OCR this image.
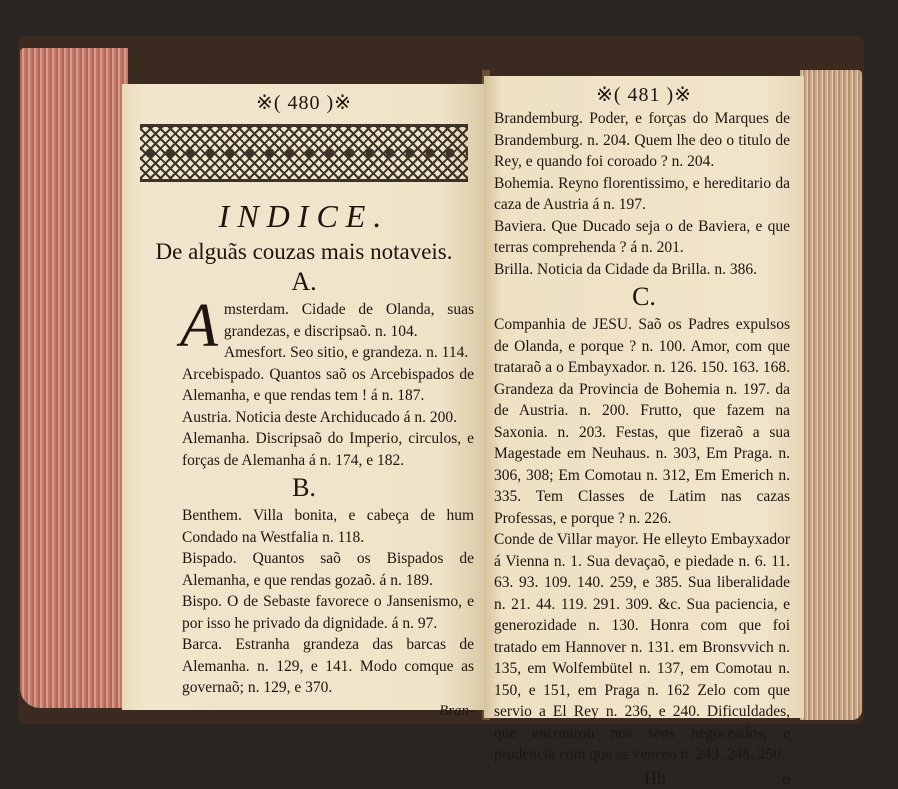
※( 480 )※
INDICE.
De alguãs couzas mais notaveis.
A.
A msterdam. Cidade de Olanda, suas grandezas, e discripsaõ. n. 104.
Amesfort. Seo sitio, e grandeza. n. 114.
Arcebispado. Quantos saõ os Arcebispados de Alemanha, e que rendas tem ! á n. 187.
Austria. Noticia deste Archiducado á n. 200.
Alemanha. Discripsaõ do Imperio, circulos, e forças de Alemanha á n. 174, e 182.
B.
Benthem. Villa bonita, e cabeça de hum Condado na Westfalia n. 118.
Bispado. Quantos saõ os Bispados de Alemanha, e que rendas gozaõ. á n. 189.
Bispo. O de Sebaste favorece o Jansenismo, e por isso he privado da dignidade. á n. 97.
Barca. Estranha grandeza das barcas de Alemanha. n. 129, e 141. Modo comque as governaõ; n. 129, e 370.
Bran-
※( 481 )※
Brandemburg. Poder, e forças do Marques de Brandemburg. n. 204. Quem lhe deo o titulo de Rey, e quando foi coroado ? n. 204.
Bohemia. Reyno florentissimo, e hereditario da caza de Austria á n. 197.
Baviera. Que Ducado seja o de Baviera, e que terras comprehenda ? á n. 201.
Brilla. Noticia da Cidade da Brilla. n. 386.
C.
Companhia de JESU. Saõ os Padres expulsos de Olanda, e porque ? n. 100. Amor, com que trataraõ a o Embayxador. n. 126. 150. 163. 168. Grandeza da Provincia de Bohemia n. 197. da de Austria. n. 200. Frutto, que fazem na Saxonia. n. 203. Festas, que fizeraõ a sua Magestade em Neuhaus. n. 303, Em Praga. n. 306, 308; Em Comotau n. 312, Em Emerich n. 335. Tem Classes de Latim nas cazas Professas, e porque ? n. 226.
Conde de Villar mayor. He elleyto Embayxador á Vienna n. 1. Sua devaçaõ, e piedade n. 6. 11. 63. 93. 109. 140. 259, e 385. Sua liberalidade n. 21. 44. 119. 291. 309. &c. Sua paciencia, e generozidade n. 130. Honra com que foi tratado em Hannover n. 131. em Bronsvvich n. 135, em Wolfembütel n. 137, em Comotau n. 150, e 151, em Praga n. 162 Zelo com que servio a El Rey n. 236, e 240. Dificuldades, que encontrou nos seos negoceados, e prudencia com que as venceo n. 243. 248. 250.
Hh	e
